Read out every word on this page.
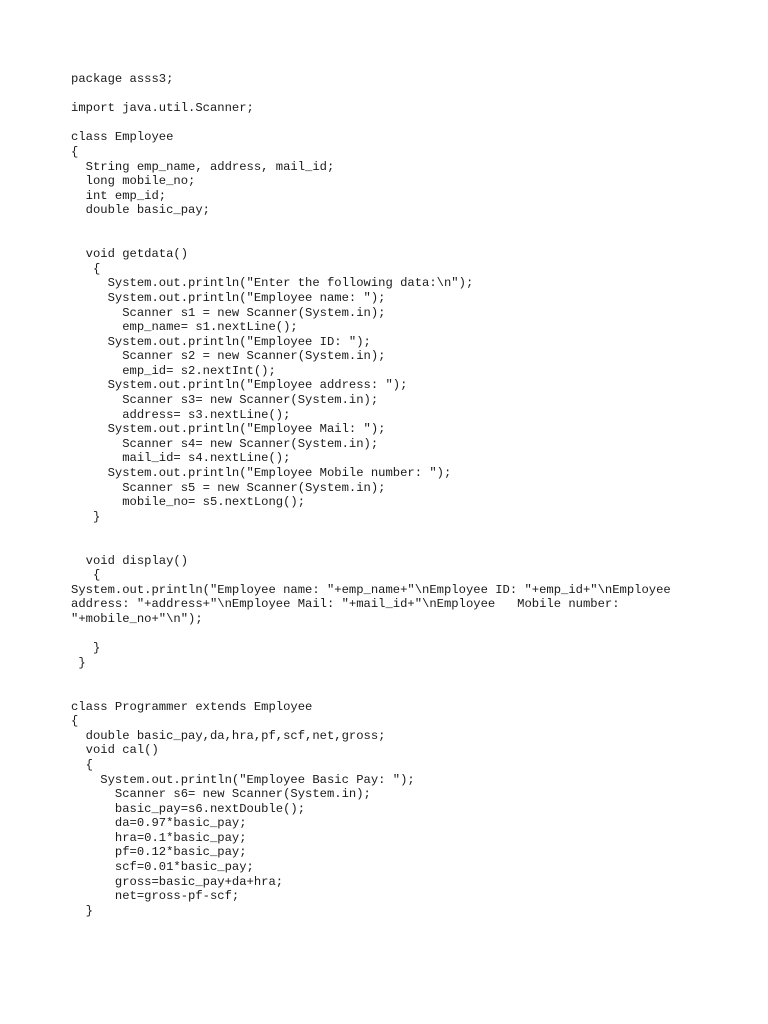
package asss3;
import java.util.Scanner;
class Employee
{
String emp_name, address, mail_id;
long mobile_no;
int emp_id;
double basic_pay;
void getdata()
{
System.out.println("Enter the following data:\n");
System.out.println("Employee name: ");
Scanner s1 = new Scanner(System.in);
emp_name= s1.nextLine();
System.out.println("Employee ID: ");
Scanner s2 = new Scanner(System.in);
emp_id= s2.nextInt();
System.out.println("Employee address: ");
Scanner s3= new Scanner(System.in);
address= s3.nextLine();
System.out.println("Employee Mail: ");
Scanner s4= new Scanner(System.in);
mail_id= s4.nextLine();
System.out.println("Employee Mobile number: ");
Scanner s5 = new Scanner(System.in);
mobile_no= s5.nextLong();
}
void display()
{
System.out.println("Employee name: "+emp_name+"\nEmployee ID: "+emp_id+"\nEmployee
address: "+address+"\nEmployee Mail: "+mail_id+"\nEmployee   Mobile number:
"+mobile_no+"\n");
}
}
class Programmer extends Employee
{
double basic_pay,da,hra,pf,scf,net,gross;
void cal()
{
System.out.println("Employee Basic Pay: ");
Scanner s6= new Scanner(System.in);
basic_pay=s6.nextDouble();
da=0.97*basic_pay;
hra=0.1*basic_pay;
pf=0.12*basic_pay;
scf=0.01*basic_pay;
gross=basic_pay+da+hra;
net=gross-pf-scf;
}
